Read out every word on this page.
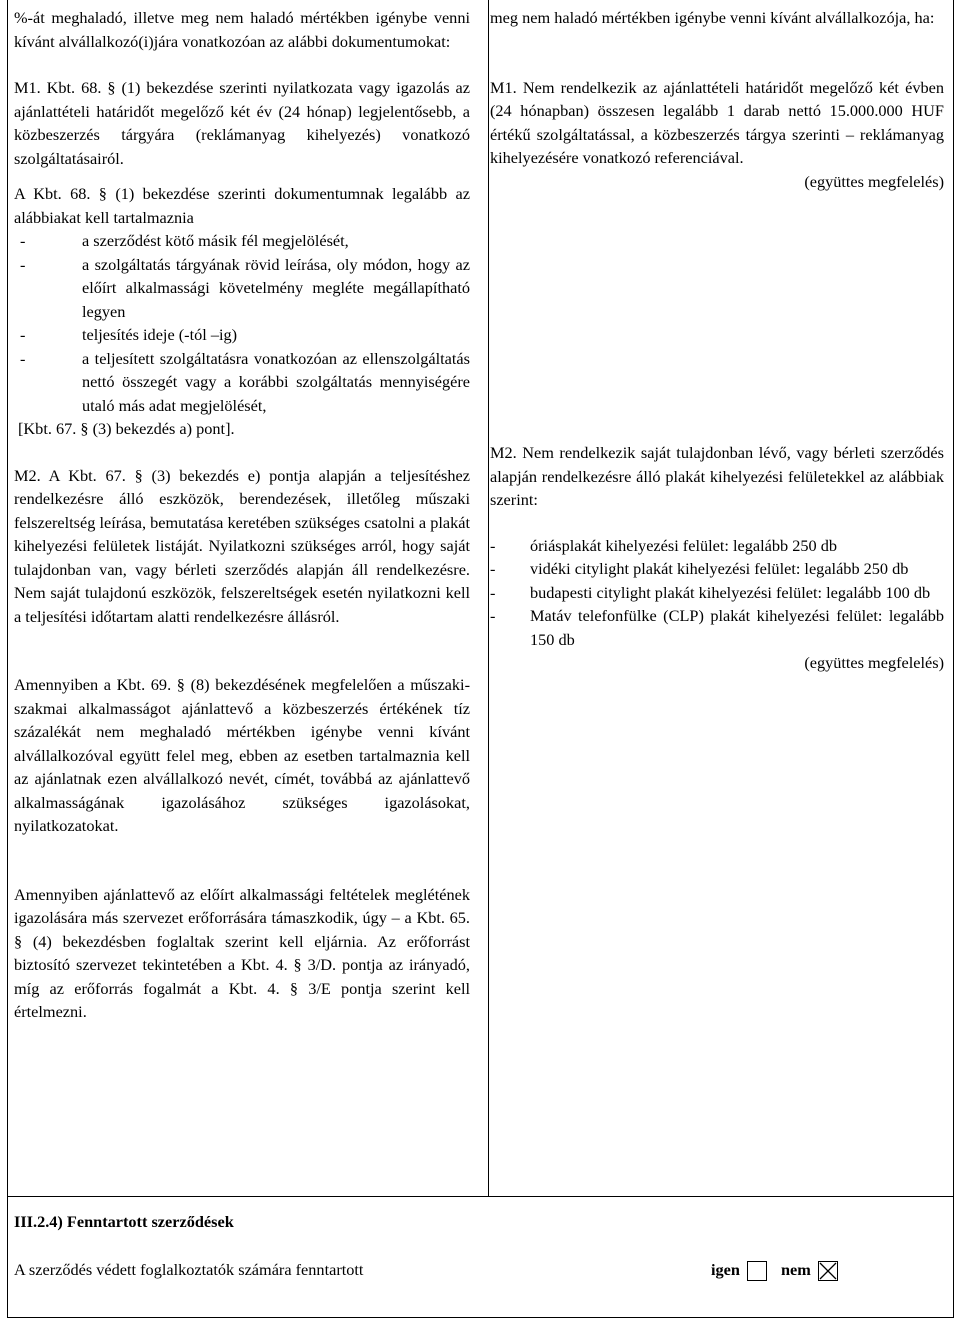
%-át meghaladó, illetve meg nem haladó mértékben igénybe venni kívánt alvállalkozó(i)jára vonatkozóan az alábbi dokumentumokat:

M1. Kbt. 68. § (1) bekezdése szerinti nyilatkozata vagy igazolás az ajánlattételi határidőt megelőző két év (24 hónap) legjelentősebb, a közbeszerzés tárgyára (reklámanyag kihelyezés) vonatkozó szolgáltatásairól.

A Kbt. 68. § (1) bekezdése szerinti dokumentumnak legalább az alábbiakat kell tartalmaznia

-	a szerződést kötő másik fél megjelölését,
-	a szolgáltatás tárgyának rövid leírása, oly módon, hogy az előírt alkalmassági követelmény megléte megállapítható legyen
-	teljesítés ideje (-tól –ig)
-	a teljesített szolgáltatásra vonatkozóan az ellenszolgáltatás nettó összegét vagy a korábbi szolgáltatás mennyiségére utaló más adat megjelölését,

[Kbt. 67. § (3) bekezdés a) pont].

M2. A Kbt. 67. § (3) bekezdés e) pontja alapján a teljesítéshez rendelkezésre álló eszközök, berendezések, illetőleg műszaki felszereltség leírása, bemutatása keretében szükséges csatolni a plakát kihelyezési felületek listáját. Nyilatkozni szükséges arról, hogy saját tulajdonban van, vagy bérleti szerződés alapján áll rendelkezésre. Nem saját tulajdonú eszközök, felszereltségek esetén nyilatkozni kell a teljesítési időtartam alatti rendelkezésre állásról.

Amennyiben a Kbt. 69. § (8) bekezdésének megfelelően a műszaki-szakmai alkalmasságot ajánlattevő a közbeszerzés értékének tíz százalékát nem meghaladó mértékben igénybe venni kívánt alvállalkozóval együtt felel meg, ebben az esetben tartalmaznia kell az ajánlatnak ezen alvállalkozó nevét, címét, továbbá az ajánlattevő alkalmasságának igazolásához szükséges igazolásokat, nyilatkozatokat.

Amennyiben ajánlattevő az előírt alkalmassági feltételek meglétének igazolására más szervezet erőforrására támaszkodik, úgy – a Kbt. 65. § (4) bekezdésben foglaltak szerint kell eljárnia. Az erőforrást biztosító szervezet tekintetében a Kbt. 4. § 3/D. pontja az irányadó, míg az erőforrás fogalmát a Kbt. 4. § 3/E pontja szerint kell értelmezni.

meg nem haladó mértékben igénybe venni kívánt alvállalkozója, ha:

M1. Nem rendelkezik az ajánlattételi határidőt megelőző két évben (24 hónapban) összesen legalább 1 darab nettó 15.000.000 HUF értékű szolgáltatással, a közbeszerzés tárgya szerinti – reklámanyag kihelyezésére vonatkozó referenciával.

(együttes megfelelés)

M2. Nem rendelkezik saját tulajdonban lévő, vagy bérleti szerződés alapján rendelkezésre álló plakát kihelyezési felületekkel az alábbiak szerint:

- óriásplakát kihelyezési felület: legalább 250 db
- vidéki citylight plakát kihelyezési felület: legalább 250 db
- budapesti citylight plakát kihelyezési felület: legalább 100 db
- Matáv telefonfülke (CLP) plakát kihelyezési felület: legalább 150 db

(együttes megfelelés)

III.2.4) Fenntartott szerződések
A szerződés védett foglalkoztatók számára fenntartott	igen	nem
